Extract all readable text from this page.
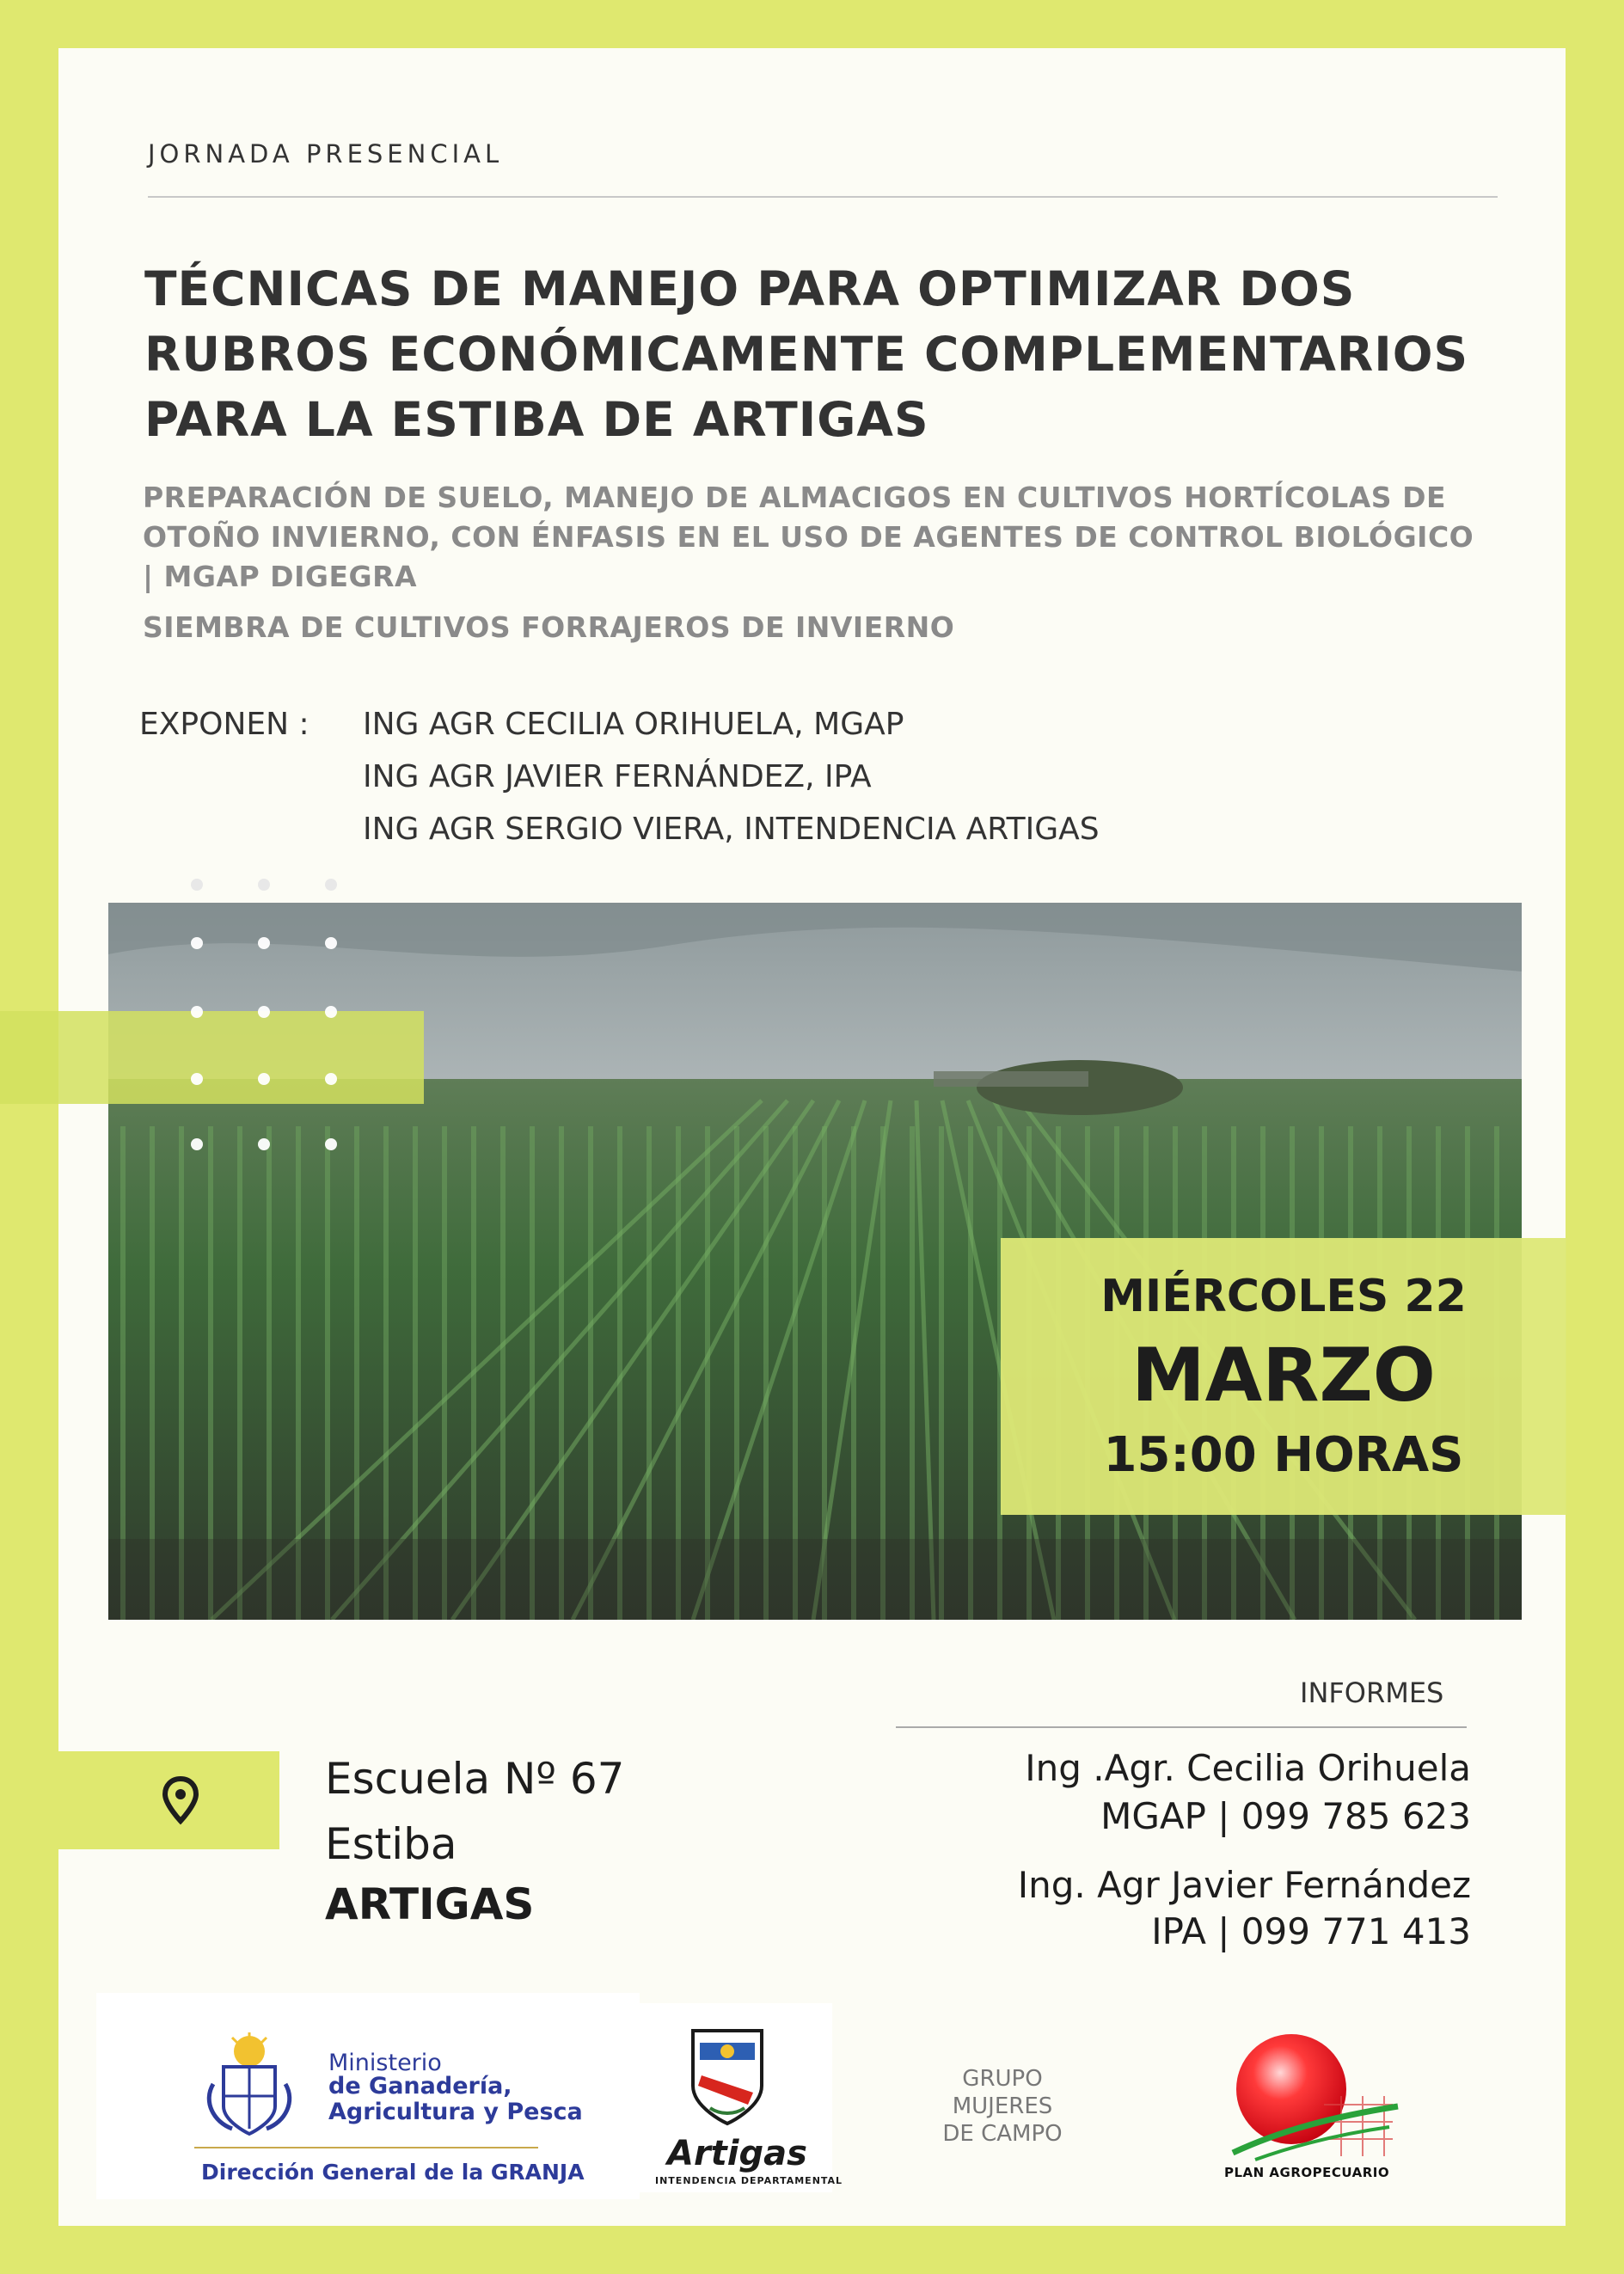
JORNADA PRESENCIAL
TÉCNICAS DE MANEJO PARA OPTIMIZAR DOS
RUBROS ECONÓMICAMENTE COMPLEMENTARIOS
PARA LA ESTIBA DE ARTIGAS
PREPARACIÓN DE SUELO, MANEJO DE ALMACIGOS EN CULTIVOS HORTÍCOLAS DE
OTOÑO INVIERNO, CON ÉNFASIS EN EL USO DE AGENTES DE CONTROL BIOLÓGICO
| MGAP DIGEGRA
SIEMBRA DE CULTIVOS FORRAJEROS DE INVIERNO
EXPONEN : ING AGR CECILIA ORIHUELA, MGAP
ING AGR JAVIER FERNÁNDEZ, IPA
ING AGR SERGIO VIERA, INTENDENCIA ARTIGAS
MIÉRCOLES 22
MARZO
15:00 HORAS
Escuela Nº 67
Estiba
ARTIGAS
INFORMES
Ing .Agr. Cecilia Orihuela
MGAP | 099 785 623
Ing. Agr Javier Fernández
IPA | 099 771 413
Ministerio
de Ganadería,
Agricultura y Pesca
Dirección General de la GRANJA Artigas
INTENDENCIA DEPARTAMENTAL
GRUPO
MUJERES
DE CAMPO
PLAN AGROPECUARIO
